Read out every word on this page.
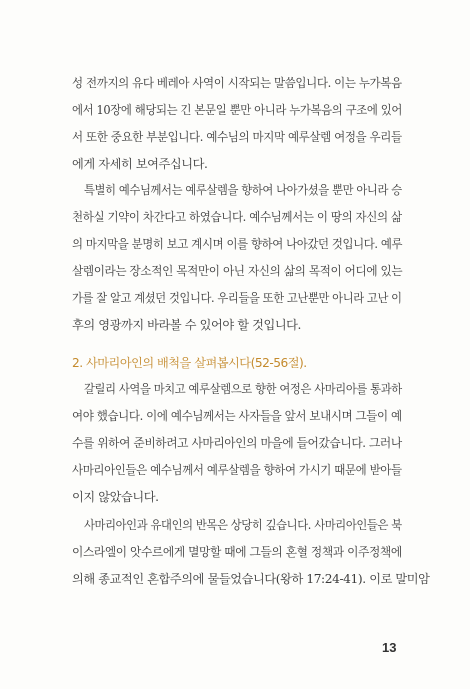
성 전까지의 유다 베레아 사역이 시작되는 말씀입니다. 이는 누가복음
에서 10장에 해당되는 긴 본문일 뿐만 아니라 누가복음의 구조에 있어
서 또한 중요한 부분입니다. 예수님의 마지막 예루살렘 여정을 우리들
에게 자세히 보여주십니다.
특별히 예수님께서는 예루살렘을 향하여 나아가셨을 뿐만 아니라 승
천하실 기약이 차간다고 하였습니다. 예수님께서는 이 땅의 자신의 삶
의 마지막을 분명히 보고 계시며 이를 향하여 나아갔던 것입니다. 예루
살렘이라는 장소적인 목적만이 아닌 자신의 삶의 목적이 어디에 있는
가를 잘 알고 계셨던 것입니다. 우리들을 또한 고난뿐만 아니라 고난 이
후의 영광까지 바라볼 수 있어야 할 것입니다.
2. 사마리아인의 배척을 살펴봅시다(52-56절).
갈릴리 사역을 마치고 예루살렘으로 향한 여정은 사마리아를 통과하
여야 했습니다. 이에 예수님께서는 사자들을 앞서 보내시며 그들이 예
수를 위하여 준비하려고 사마리아인의 마을에 들어갔습니다. 그러나
사마리아인들은 예수님께서 예루살렘을 향하여 가시기 때문에 받아들
이지 않았습니다.
사마리아인과 유대인의 반목은 상당히 깊습니다. 사마리아인들은 북
이스라엘이 앗수르에게 멸망할 때에 그들의 혼혈 정책과 이주정책에
의해 종교적인 혼합주의에 물들었습니다(왕하 17:24-41). 이로 말미암
13
